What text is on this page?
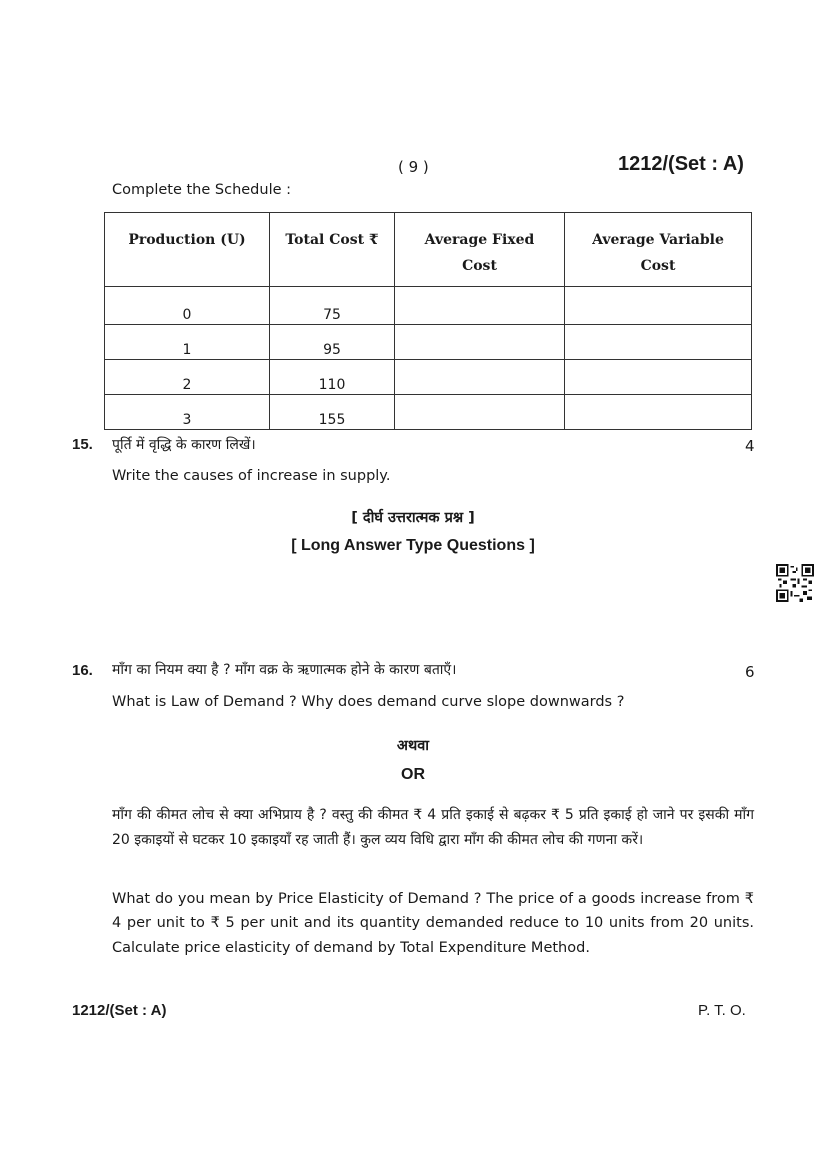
( 9 )	1212/(Set : A)
Complete the Schedule :
Production (U)	Total Cost ₹	Average Fixed Cost	Average Variable Cost
0	75		
1	95		
2	110		
3	155		
15. पूर्ति में वृद्धि के कारण लिखें।	4
Write the causes of increase in supply.
[ दीर्घ उत्तरात्मक प्रश्न ]
[ Long Answer Type Questions ]
16. माँग का नियम क्या है ? माँग वक्र के ऋणात्मक होने के कारण बताएँ।	6
What is Law of Demand ? Why does demand curve slope downwards ?
अथवा
OR
माँग की कीमत लोच से क्या अभिप्राय है ? वस्तु की कीमत ₹ 4 प्रति इकाई से बढ़कर ₹ 5 प्रति इकाई हो जाने पर इसकी माँग 20 इकाइयों से घटकर 10 इकाइयाँ रह जाती हैं। कुल व्यय विधि द्वारा माँग की कीमत लोच की गणना करें।
What do you mean by Price Elasticity of Demand ? The price of a goods increase from ₹ 4 per unit to ₹ 5 per unit and its quantity demanded reduce to 10 units from 20 units. Calculate price elasticity of demand by Total Expenditure Method.
1212/(Set : A)	P. T. O.
